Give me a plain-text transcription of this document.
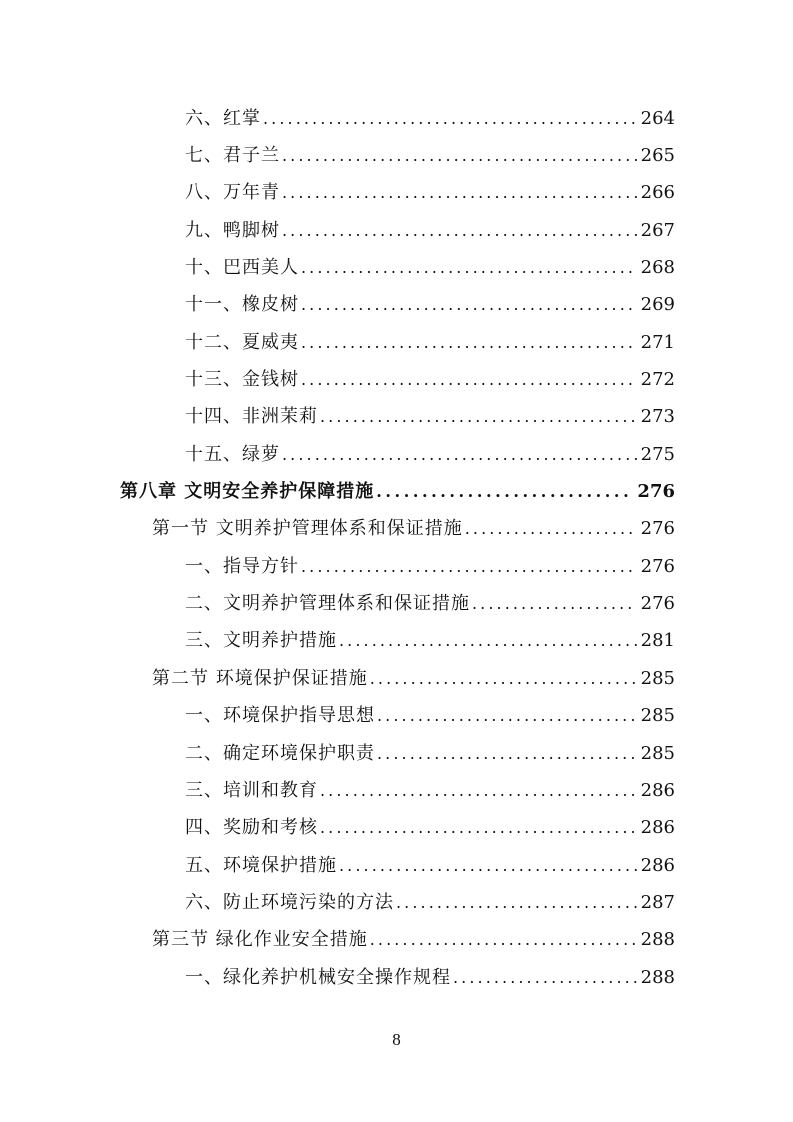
六、红掌 . . .	264
七、君子兰 . . .	265
八、万年青 . . .	266
九、鸭脚树 . . .	267
十、巴西美人 . . .	268
十一、橡皮树 . . .	269
十二、夏威夷 . . .	271
十三、金钱树 . . .	272
十四、非洲茉莉 . . .	273
十五、绿萝 . . .	275
第八章 文明安全养护保障措施 . . .	276
第一节 文明养护管理体系和保证措施 . . .	276
一、指导方针 . . .	276
二、文明养护管理体系和保证措施 . . .	276
三、文明养护措施 . . .	281
第二节 环境保护保证措施 . . .	285
一、环境保护指导思想 . . .	285
二、确定环境保护职责 . . .	285
三、培训和教育 . . .	286
四、奖励和考核 . . .	286
五、环境保护措施 . . .	286
六、防止环境污染的方法 . . .	287
第三节 绿化作业安全措施 . . .	288
一、绿化养护机械安全操作规程 . . .	288
8
